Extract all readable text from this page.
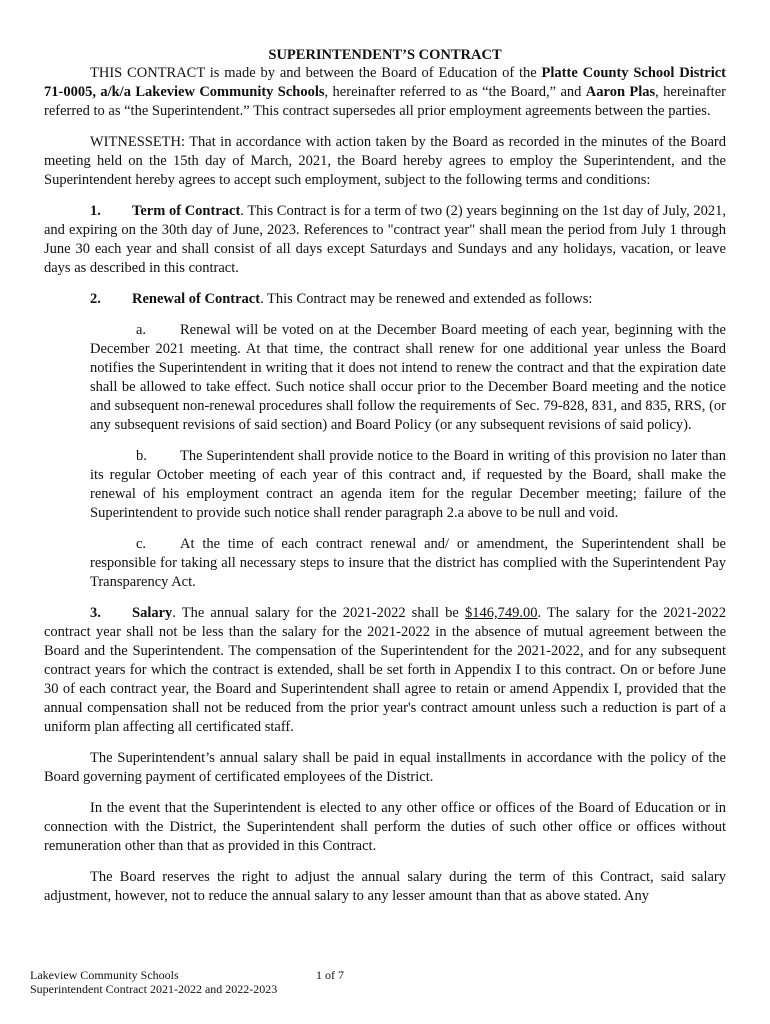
SUPERINTENDENT’S CONTRACT

THIS CONTRACT is made by and between the Board of Education of the Platte County School District 71-0005, a/k/a Lakeview Community Schools, hereinafter referred to as “the Board,” and Aaron Plas, hereinafter referred to as “the Superintendent.” This contract supersedes all prior employment agreements between the parties.

WITNESSETH: That in accordance with action taken by the Board as recorded in the minutes of the Board meeting held on the 15th day of March, 2021, the Board hereby agrees to employ the Superintendent, and the Superintendent hereby agrees to accept such employment, subject to the following terms and conditions:

1. Term of Contract. This Contract is for a term of two (2) years beginning on the 1st day of July, 2021, and expiring on the 30th day of June, 2023. References to "contract year" shall mean the period from July 1 through June 30 each year and shall consist of all days except Saturdays and Sundays and any holidays, vacation, or leave days as described in this contract.

2. Renewal of Contract. This Contract may be renewed and extended as follows:

a. Renewal will be voted on at the December Board meeting of each year, beginning with the December 2021 meeting. At that time, the contract shall renew for one additional year unless the Board notifies the Superintendent in writing that it does not intend to renew the contract and that the expiration date shall be allowed to take effect. Such notice shall occur prior to the December Board meeting and the notice and subsequent non-renewal procedures shall follow the requirements of Sec. 79-828, 831, and 835, RRS, (or any subsequent revisions of said section) and Board Policy (or any subsequent revisions of said policy).

b. The Superintendent shall provide notice to the Board in writing of this provision no later than its regular October meeting of each year of this contract and, if requested by the Board, shall make the renewal of his employment contract an agenda item for the regular December meeting; failure of the Superintendent to provide such notice shall render paragraph 2.a above to be null and void.

c. At the time of each contract renewal and/ or amendment, the Superintendent shall be responsible for taking all necessary steps to insure that the district has complied with the Superintendent Pay Transparency Act.

3. Salary. The annual salary for the 2021-2022 shall be $146,749.00. The salary for the 2021-2022 contract year shall not be less than the salary for the 2021-2022 in the absence of mutual agreement between the Board and the Superintendent. The compensation of the Superintendent for the 2021-2022, and for any subsequent contract years for which the contract is extended, shall be set forth in Appendix I to this contract. On or before June 30 of each contract year, the Board and Superintendent shall agree to retain or amend Appendix I, provided that the annual compensation shall not be reduced from the prior year's contract amount unless such a reduction is part of a uniform plan affecting all certificated staff.

The Superintendent’s annual salary shall be paid in equal installments in accordance with the policy of the Board governing payment of certificated employees of the District.

In the event that the Superintendent is elected to any other office or offices of the Board of Education or in connection with the District, the Superintendent shall perform the duties of such other office or offices without remuneration other than that as provided in this Contract.

The Board reserves the right to adjust the annual salary during the term of this Contract, said salary adjustment, however, not to reduce the annual salary to any lesser amount than that as above stated. Any

Lakeview Community Schools	1 of 7
Superintendent Contract 2021-2022 and 2022-2023
